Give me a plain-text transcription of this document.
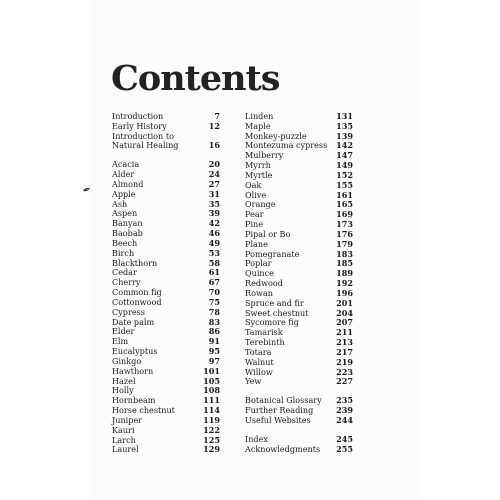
Contents
✒
Introduction	7
Early History	12
Introduction to
Natural Healing	16
Acacia	20
Alder	24
Almond	27
Apple	31
Ash	35
Aspen	39
Banyan	42
Baobab	46
Beech	49
Birch	53
Blackthorn	58
Cedar	61
Cherry	67
Common fig	70
Cottonwood	75
Cypress	78
Date palm	83
Elder	86
Elm	91
Eucalyptus	95
Ginkgo	97
Hawthorn	101
Hazel	105
Holly	108
Hornbeam	111
Horse chestnut	114
Juniper	119
Kauri	122
Larch	125
Laurel	129
Linden	131
Maple	135
Monkey-puzzle	139
Montezuma cypress 142
Mulberry	147
Myrrh	149
Myrtle	152
Oak	155
Olive	161
Orange	165
Pear	169
Pine	173
Pipal or Bo	176
Plane	179
Pomegranate	183
Poplar	185
Quince	189
Redwood	192
Rowan	196
Spruce and fir	201
Sweet chestnut	204
Sycomore fig	207
Tamarisk	211
Terebinth	213
Totara	217
Walnut	219
Willow	223
Yew	227
Botanical Glossary 235
Further Reading	239
Useful Websites	244
Index	245
Acknowledgments 255
